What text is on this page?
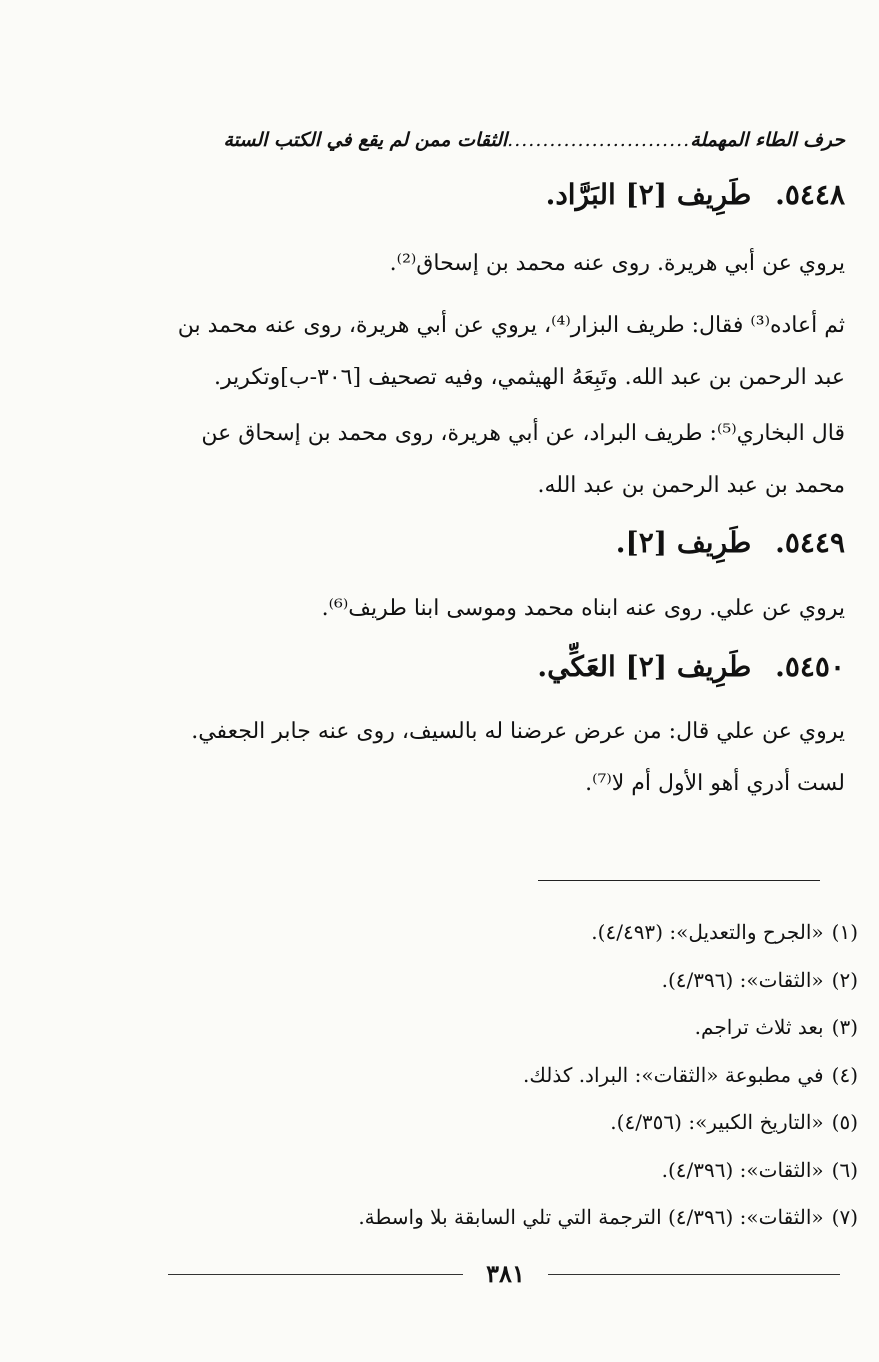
حرف الطاء المهملة
..........................
الثقات ممن لم يقع في الكتب الستة
٥٤٤٨. طَرِيف [٢] البَرَّاد.

يروي عن أبي هريرة. روى عنه محمد بن إسحاق⁽²⁾.

ثم أعاده⁽³⁾ فقال: طريف البزار⁽⁴⁾، يروي عن أبي هريرة، روى عنه محمد بن

عبد الرحمن بن عبد الله. وتَبِعَهُ الهيثمي، وفيه تصحيف [٣٠٦-ب]وتكرير.

قال البخاري⁽⁵⁾: طريف البراد، عن أبي هريرة، روى محمد بن إسحاق عن

محمد بن عبد الرحمن بن عبد الله.

٥٤٤٩. طَرِيف [٢].

يروي عن علي. روى عنه ابناه محمد وموسى ابنا طريف⁽⁶⁾.

٥٤٥٠. طَرِيف [٢] العَكِّي.

يروي عن علي قال: من عرض عرضنا له بالسيف، روى عنه جابر الجعفي.

لست أدري أهو الأول أم لا⁽⁷⁾.

(١)«الجرح والتعديل»: (٤/٤٩٣).
(٢)«الثقات»: (٤/٣٩٦).
(٣)بعد ثلاث تراجم.
(٤)في مطبوعة «الثقات»: البراد. كذلك.
(٥)«التاريخ الكبير»: (٤/٣٥٦).
(٦)«الثقات»: (٤/٣٩٦).
(٧)«الثقات»: (٤/٣٩٦) الترجمة التي تلي السابقة بلا واسطة.
٣٨١
